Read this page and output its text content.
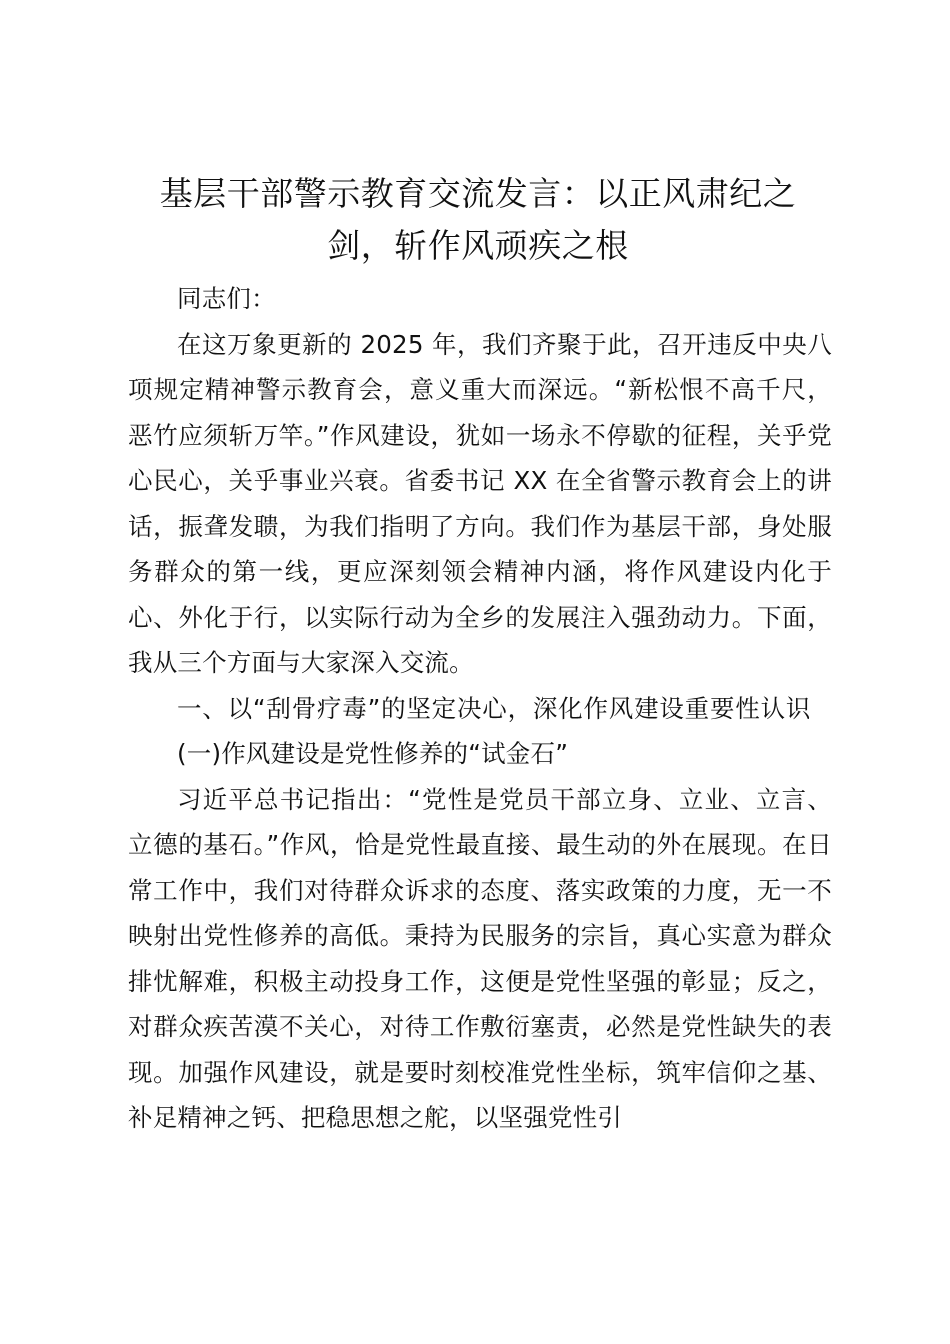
基层干部警示教育交流发言：以正风肃纪之剑，斩作风顽疾之根

同志们：

在这万象更新的 2025 年，我们齐聚于此，召开违反中央八项规定精神警示教育会，意义重大而深远。“新松恨不高千尺，恶竹应须斩万竿。”作风建设，犹如一场永不停歇的征程，关乎党心民心，关乎事业兴衰。省委书记 XX 在全省警示教育会上的讲话，振聋发聩，为我们指明了方向。我们作为基层干部，身处服务群众的第一线，更应深刻领会精神内涵，将作风建设内化于心、外化于行，以实际行动为全乡的发展注入强劲动力。下面，我从三个方面与大家深入交流。

一、以“刮骨疗毒”的坚定决心，深化作风建设重要性认识

(一)作风建设是党性修养的“试金石”

习近平总书记指出：“党性是党员干部立身、立业、立言、立德的基石。”作风，恰是党性最直接、最生动的外在展现。在日常工作中，我们对待群众诉求的态度、落实政策的力度，无一不映射出党性修养的高低。秉持为民服务的宗旨，真心实意为群众排忧解难，积极主动投身工作，这便是党性坚强的彰显；反之，对群众疾苦漠不关心，对待工作敷衍塞责，必然是党性缺失的表现。加强作风建设，就是要时刻校准党性坐标，筑牢信仰之基、补足精神之钙、把稳思想之舵，以坚强党性引
